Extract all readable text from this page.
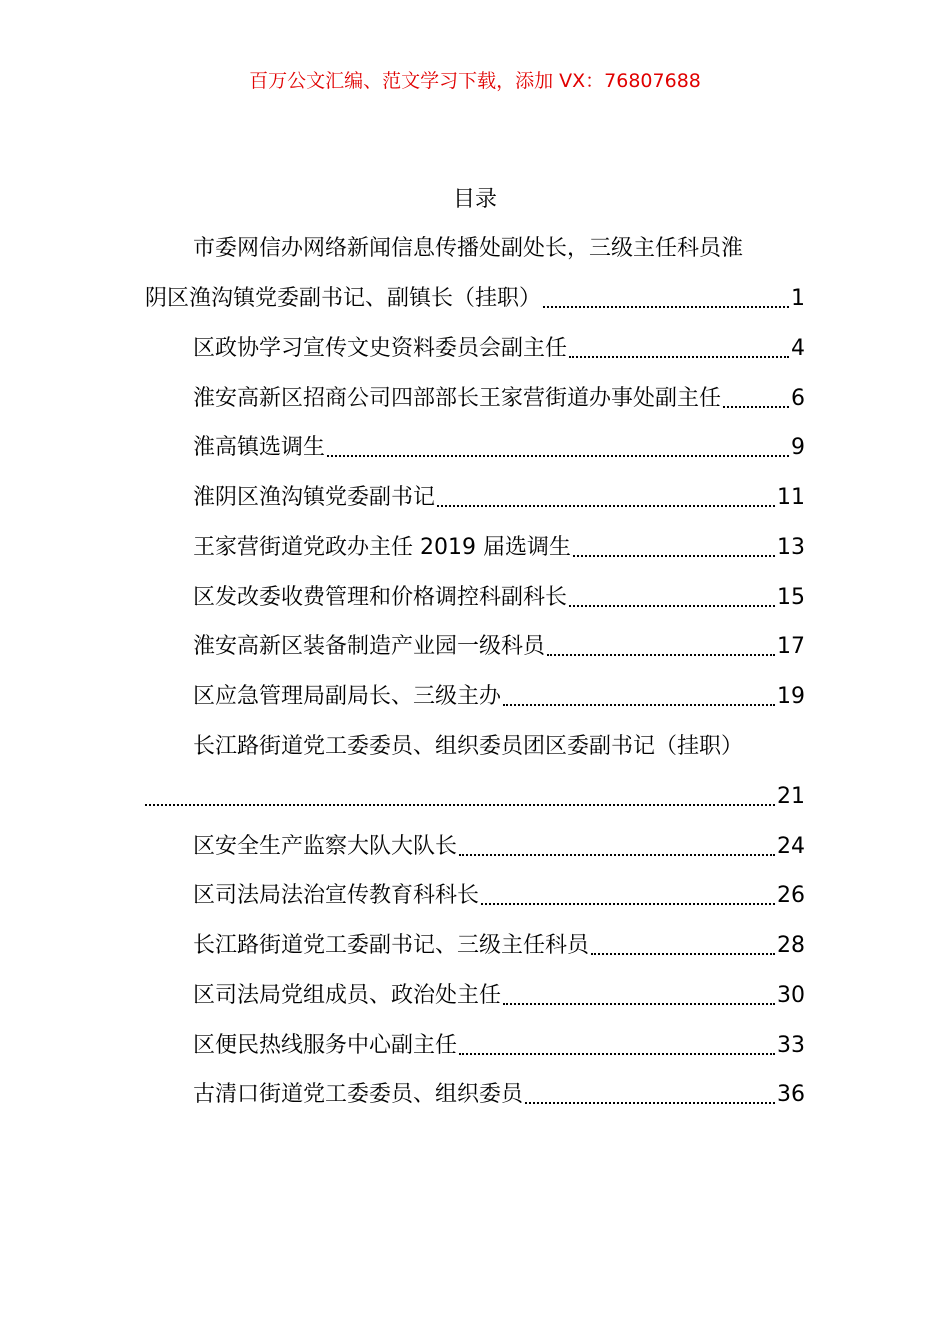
百万公文汇编、范文学习下载，添加 VX：76807688
目录
市委网信办网络新闻信息传播处副处长，三级主任科员淮
阴区渔沟镇党委副书记、副镇长（挂职）	1
区政协学习宣传文史资料委员会副主任	4
淮安高新区招商公司四部部长王家营街道办事处副主任	6
淮高镇选调生	9
淮阴区渔沟镇党委副书记	11
王家营街道党政办主任 2019 届选调生	13
区发改委收费管理和价格调控科副科长	15
淮安高新区装备制造产业园一级科员	17
区应急管理局副局长、三级主办	19
长江路街道党工委委员、组织委员团区委副书记（挂职）
21
区安全生产监察大队大队长	24
区司法局法治宣传教育科科长	26
长江路街道党工委副书记、三级主任科员	28
区司法局党组成员、政治处主任	30
区便民热线服务中心副主任	33
古清口街道党工委委员、组织委员	36
